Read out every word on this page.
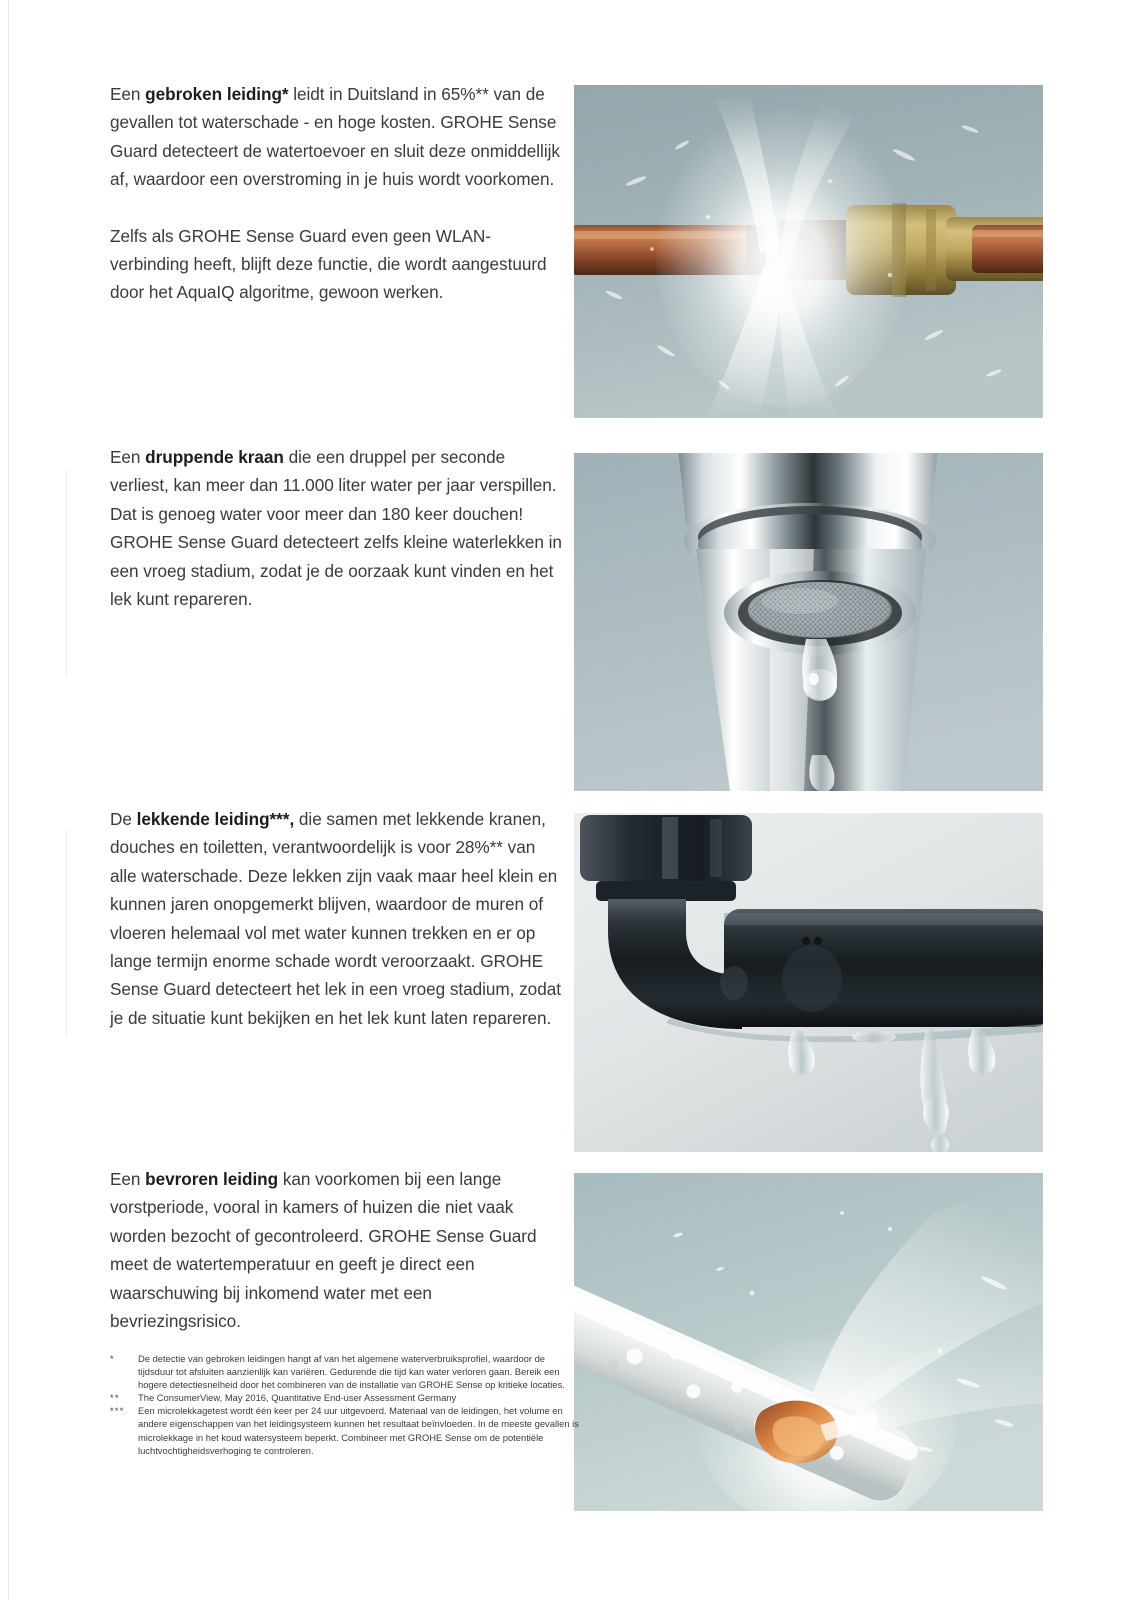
Een gebroken leiding* leidt in Duitsland in 65%** van de gevallen tot waterschade - en hoge kosten. GROHE Sense Guard detecteert de watertoevoer en sluit deze onmiddellijk af, waardoor een overstroming in je huis wordt voorkomen.

Zelfs als GROHE Sense Guard even geen WLAN-verbinding heeft, blijft deze functie, die wordt aangestuurd door het AquaIQ algoritme, gewoon werken.

Een druppende kraan die een druppel per seconde verliest, kan meer dan 11.000 liter water per jaar verspillen. Dat is genoeg water voor meer dan 180 keer douchen! GROHE Sense Guard detecteert zelfs kleine waterlekken in een vroeg stadium, zodat je de oorzaak kunt vinden en het lek kunt repareren.

De lekkende leiding***, die samen met lekkende kranen, douches en toiletten, verantwoordelijk is voor 28%** van alle waterschade. Deze lekken zijn vaak maar heel klein en kunnen jaren onopgemerkt blijven, waardoor de muren of vloeren helemaal vol met water kunnen trekken en er op lange termijn enorme schade wordt veroorzaakt. GROHE Sense Guard detecteert het lek in een vroeg stadium, zodat je de situatie kunt bekijken en het lek kunt laten repareren.

Een bevroren leiding kan voorkomen bij een lange vorstperiode, vooral in kamers of huizen die niet vaak worden bezocht of gecontroleerd. GROHE Sense Guard meet de watertemperatuur en geeft je direct een waarschuwing bij inkomend water met een bevriezingsrisico.

*	De detectie van gebroken leidingen hangt af van het algemene waterverbruiksprofiel, waardoor de tijdsduur tot afsluiten aanzienlijk kan variëren. Gedurende die tijd kan water verloren gaan. Bereik een hogere detectiesnelheid door het combineren van de installatie van GROHE Sense op kritieke locaties.
**	The ConsumerView, May 2016, Quantitative End-user Assessment Germany
***	Een microlekkagetest wordt één keer per 24 uur uitgevoerd. Materiaal van de leidingen, het volume en andere eigenschappen van het leidingsysteem kunnen het resultaat beïnvloeden. In de meeste gevallen is microlekkage in het koud watersysteem beperkt. Combineer met GROHE Sense om de potentiële luchtvochtigheidsverhoging te controleren.
